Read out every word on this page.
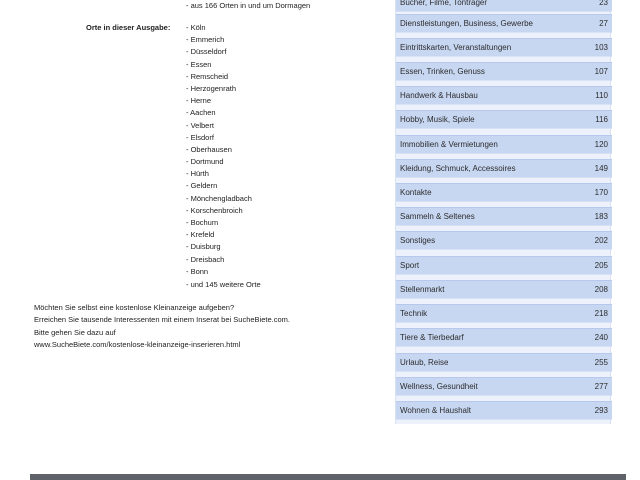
- aus 166 Orten in und um Dormagen
Orte in dieser Ausgabe: - Köln
- Emmerich
- Düsseldorf
- Essen
- Remscheid
- Herzogenrath
- Herne
- Aachen
- Velbert
- Elsdorf
- Oberhausen
- Dortmund
- Hürth
- Geldern
- Mönchengladbach
- Korschenbroich
- Bochum
- Krefeld
- Duisburg
- Dreisbach
- Bonn
- und 145 weitere Orte
Möchten Sie selbst eine kostenlose Kleinanzeige aufgeben?
Erreichen Sie tausende Interessenten mit einem Inserat bei SucheBiete.com.
Bitte gehen Sie dazu auf
www.SucheBiete.com/kostenlose-kleinanzeige-inserieren.html
Bücher, Filme, Tonträger	23
Dienstleistungen, Business, Gewerbe	27
Eintrittskarten, Veranstaltungen	103
Essen, Trinken, Genuss	107
Handwerk & Hausbau	110
Hobby, Musik, Spiele	116
Immobilien & Vermietungen	120
Kleidung, Schmuck, Accessoires	149
Kontakte	170
Sammeln & Seltenes	183
Sonstiges	202
Sport	205
Stellenmarkt	208
Technik	218
Tiere & Tierbedarf	240
Urlaub, Reise	255
Wellness, Gesundheit	277
Wohnen & Haushalt	293
